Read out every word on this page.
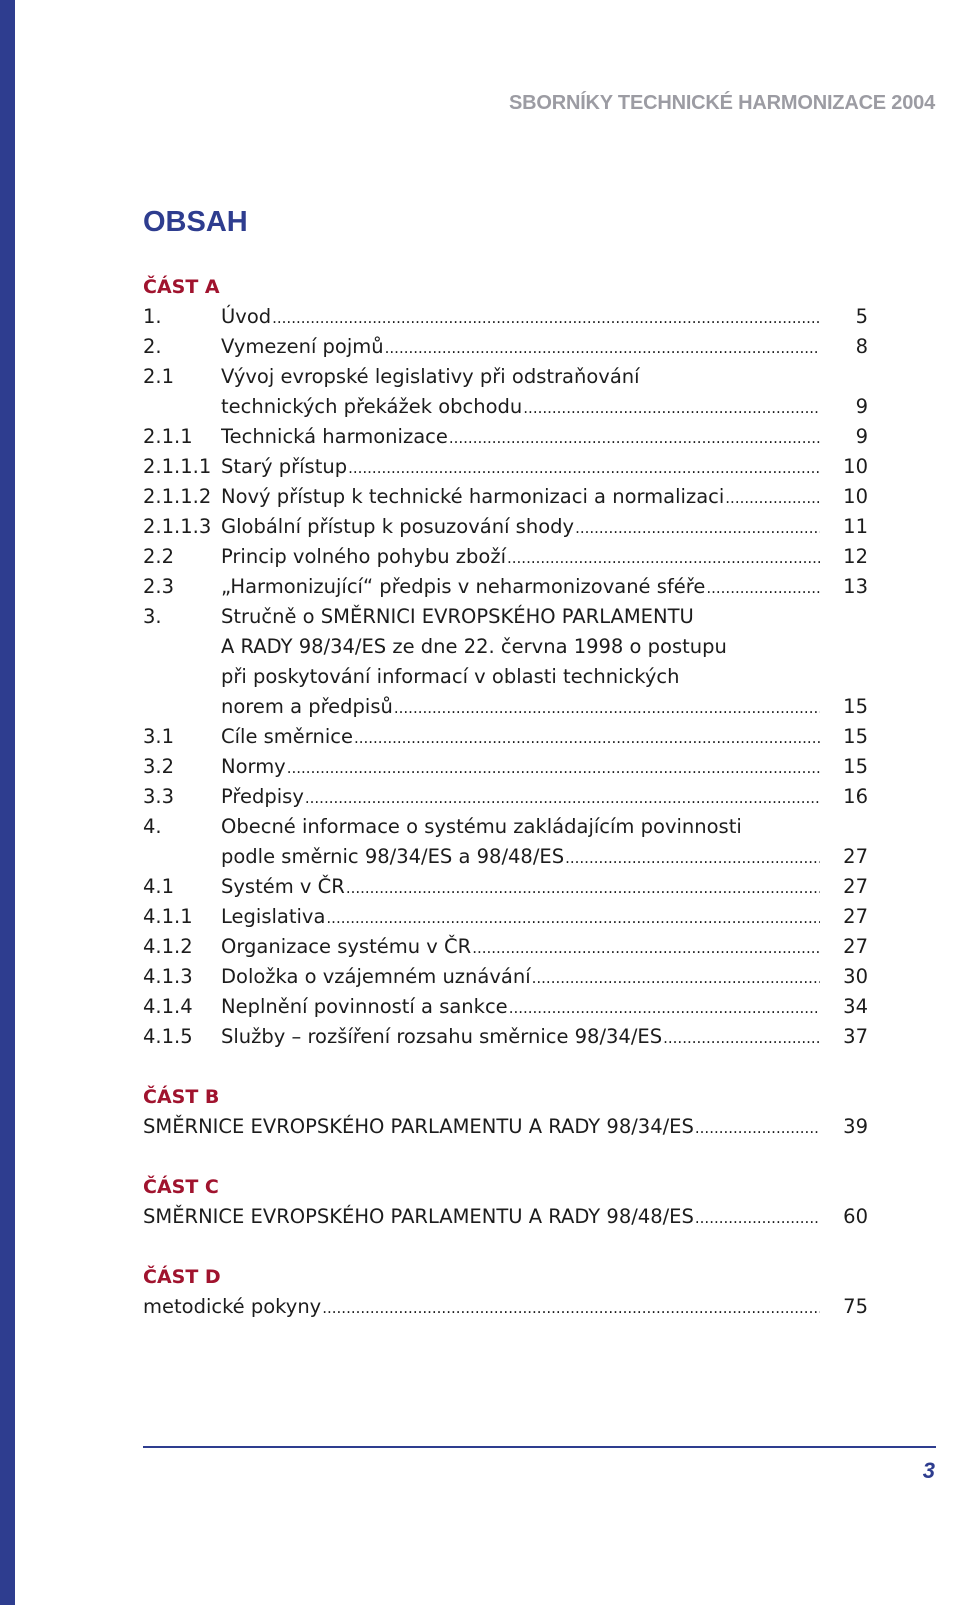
SBORNÍKY TECHNICKÉ HARMONIZACE 2004
OBSAH
ČÁST A
1.	Úvod .....	5
2.	Vymezení pojmů .....	8
2.1	Vývoj evropské legislativy při odstraňování
technických překážek obchodu .....	9
2.1.1	Technická harmonizace .....	9
2.1.1.1 Starý přístup .....	10
2.1.1.2 Nový přístup k technické harmonizaci a normalizaci .....	10
2.1.1.3 Globální přístup k posuzování shody .....	11
2.2	Princip volného pohybu zboží .....	12
2.3	„Harmonizující“ předpis v neharmonizované sféře .....	13
3.	Stručně o SMĚRNICI EVROPSKÉHO PARLAMENTU
A RADY 98/34/ES ze dne 22. června 1998 o postupu
při poskytování informací v oblasti technických
norem a předpisů .....	15
3.1	Cíle směrnice .....	15
3.2	Normy .....	15
3.3	Předpisy .....	16
4.	Obecné informace o systému zakládajícím povinnosti
podle směrnic 98/34/ES a 98/48/ES .....	27
4.1	Systém v ČR .....	27
4.1.1	Legislativa .....	27
4.1.2	Organizace systému v ČR .....	27
4.1.3	Doložka o vzájemném uznávání .....	30
4.1.4	Neplnění povinností a sankce .....	34
4.1.5	Služby – rozšíření rozsahu směrnice 98/34/ES .....	37
ČÁST B
SMĚRNICE EVROPSKÉHO PARLAMENTU A RADY 98/34/ES .....	39
ČÁST C
SMĚRNICE EVROPSKÉHO PARLAMENTU A RADY 98/48/ES .....	60
ČÁST D
metodické pokyny .....	75
3
